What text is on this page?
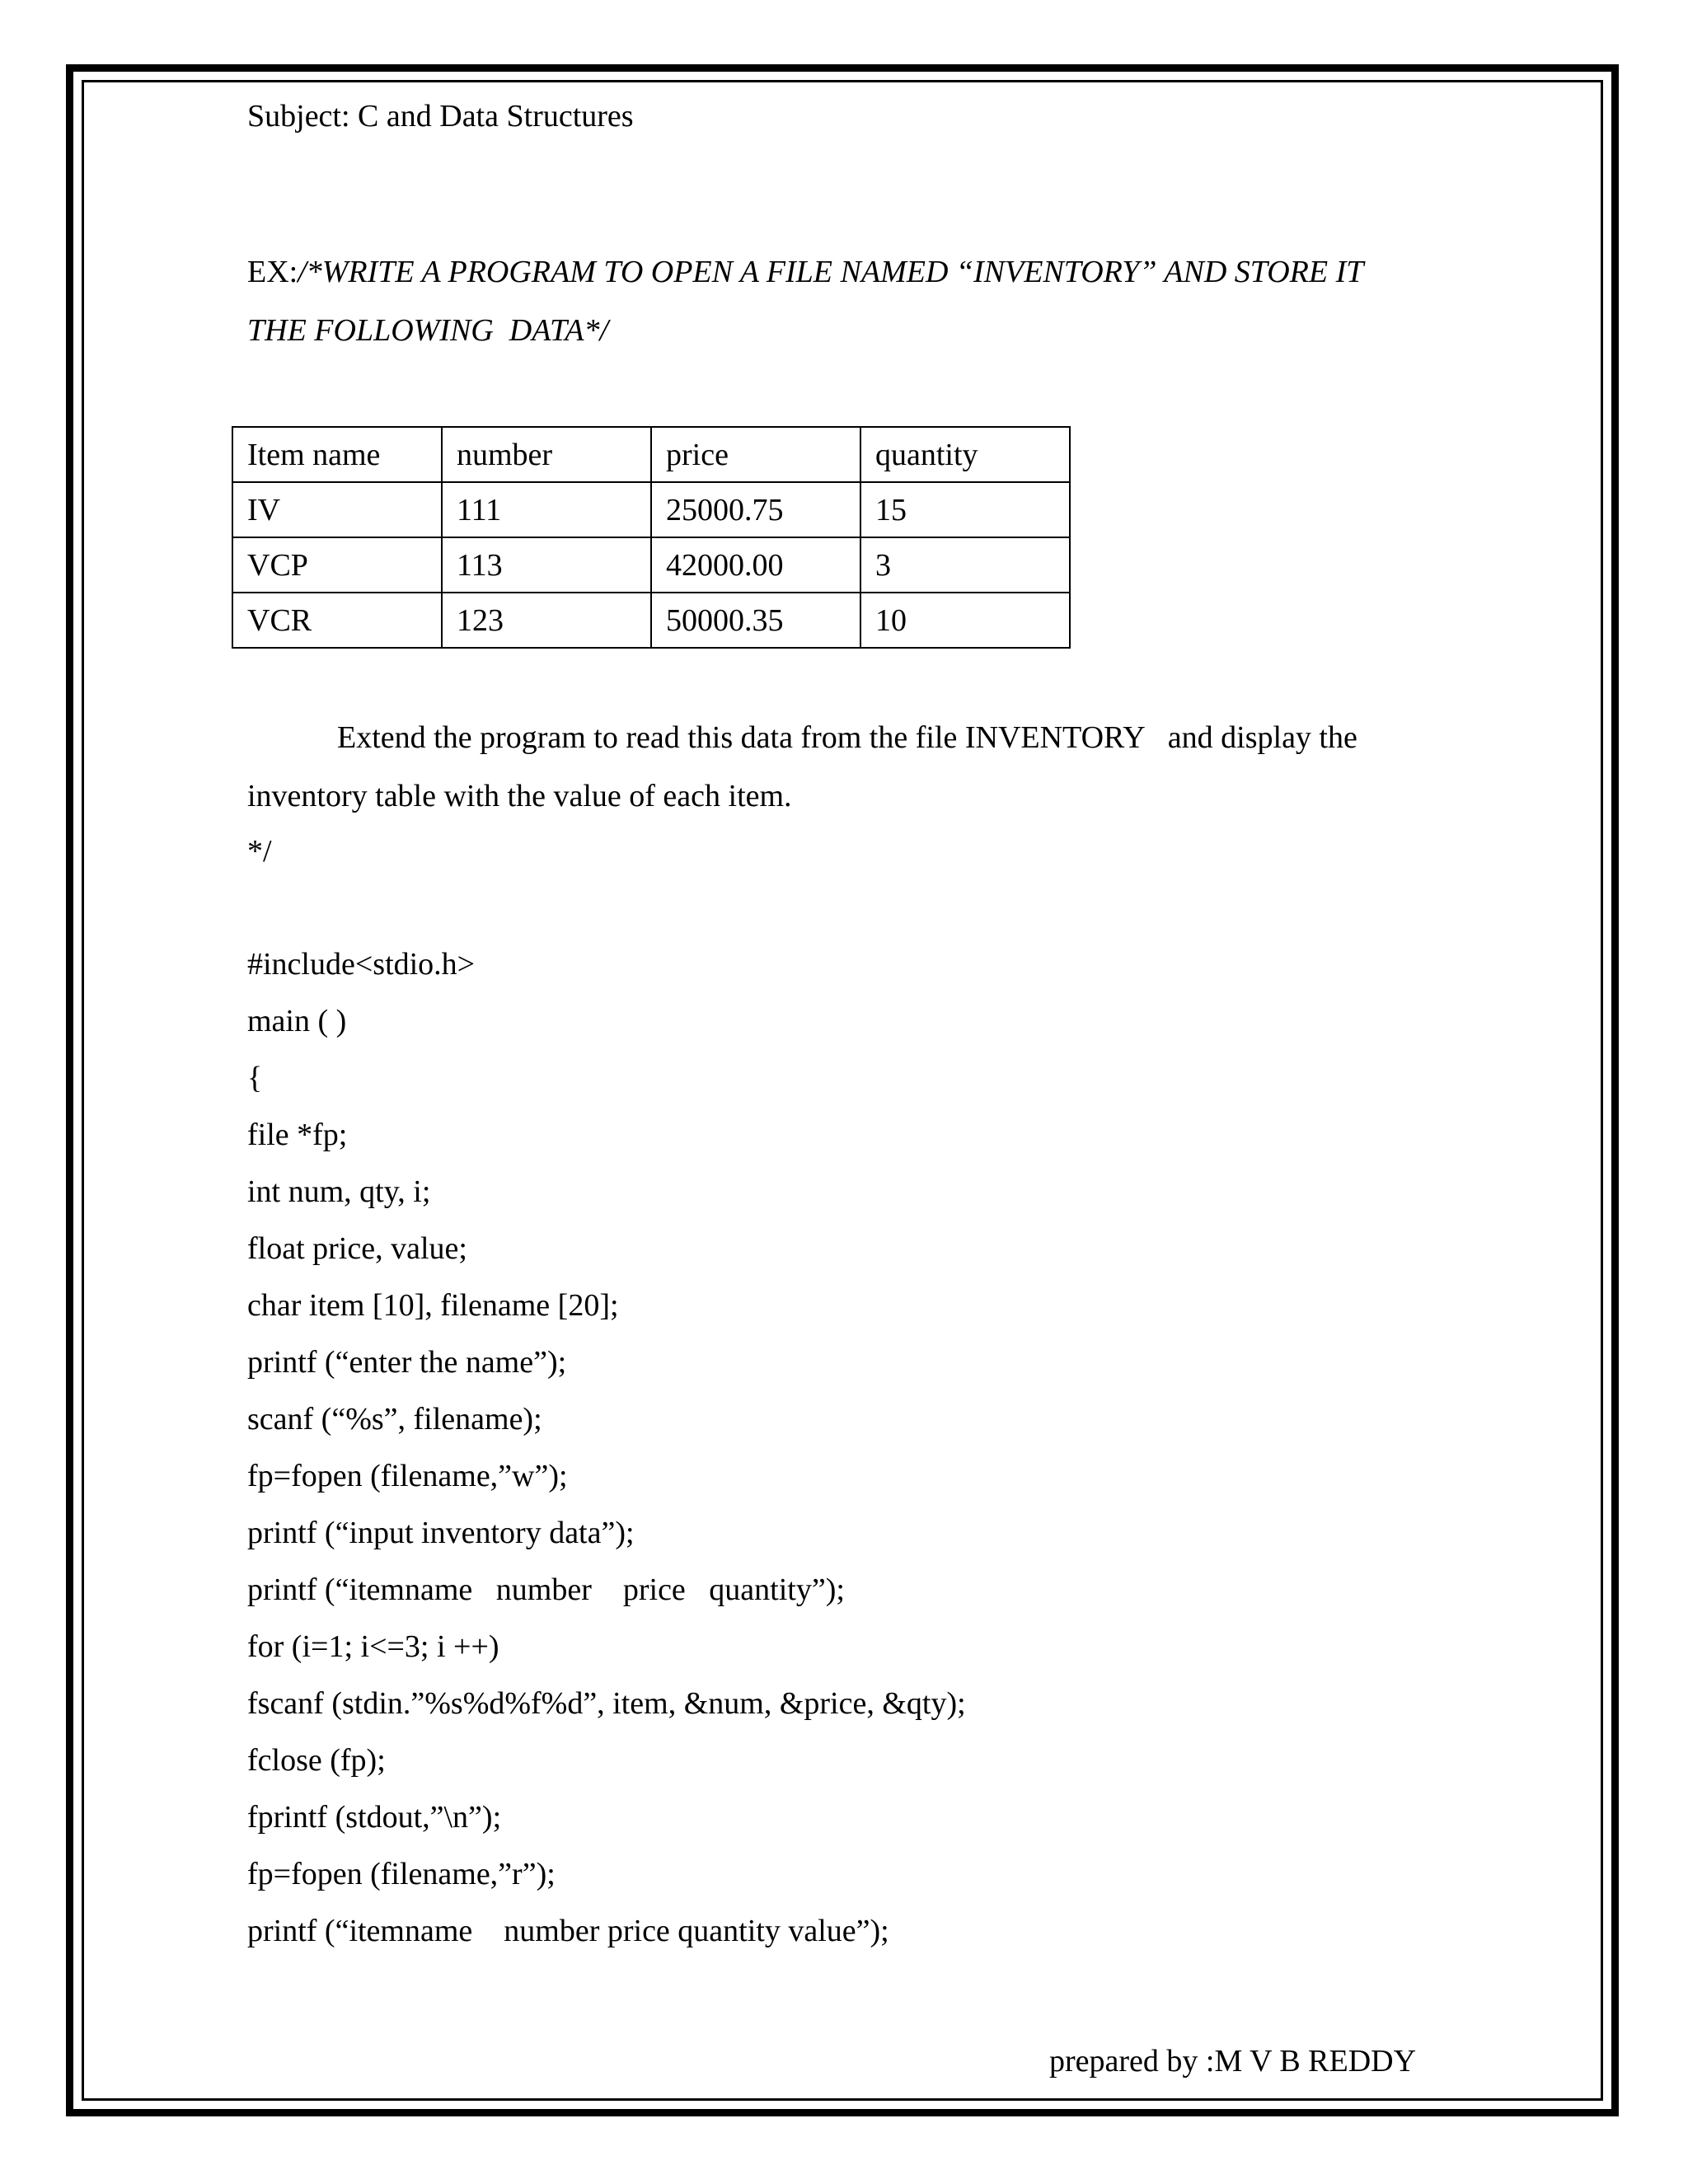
Subject: C and Data Structures

EX:/*WRITE A PROGRAM TO OPEN A FILE NAMED “INVENTORY” AND STORE IT

THE FOLLOWING  DATA*/

Item name	number	price	quantity
IV	111	25000.75	15
VCP	113	42000.00	3
VCR	123	50000.35	10

Extend the program to read this data from the file INVENTORY   and display the

inventory table with the value of each item.

*/

#include<stdio.h>
main ( )
{
file *fp;
int num, qty, i;
float price, value;
char item [10], filename [20];
printf (“enter the name”);
scanf (“%s”, filename);
fp=fopen (filename,”w”);
printf (“input inventory data”);
printf (“itemname   number    price   quantity”);
for (i=1; i<=3; i ++)
fscanf (stdin.”%s%d%f%d”, item, &num, &price, &qty);
fclose (fp);
fprintf (stdout,”\n”);
fp=fopen (filename,”r”);
printf (“itemname    number price quantity value”);

prepared by :M V B REDDY
